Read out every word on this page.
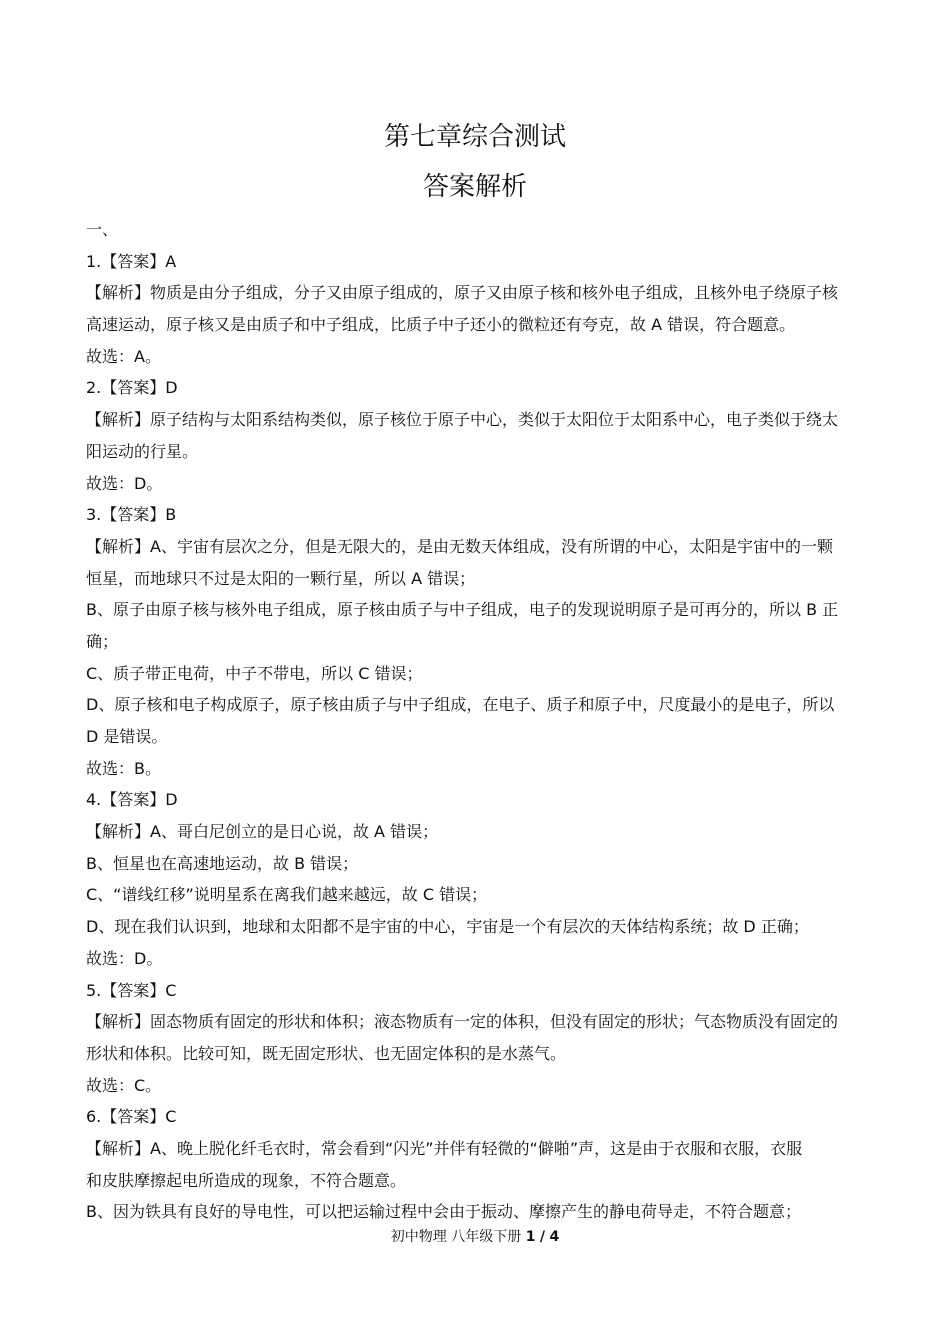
第七章综合测试
答案解析
一、
1.【答案】A
【解析】物质是由分子组成，分子又由原子组成的，原子又由原子核和核外电子组成，且核外电子绕原子核
高速运动，原子核又是由质子和中子组成，比质子中子还小的微粒还有夸克，故 A 错误，符合题意。
故选：A。
2.【答案】D
【解析】原子结构与太阳系结构类似，原子核位于原子中心，类似于太阳位于太阳系中心，电子类似于绕太
阳运动的行星。
故选：D。
3.【答案】B
【解析】A、宇宙有层次之分，但是无限大的，是由无数天体组成，没有所谓的中心，太阳是宇宙中的一颗
恒星，而地球只不过是太阳的一颗行星，所以 A 错误；
B、原子由原子核与核外电子组成，原子核由质子与中子组成，电子的发现说明原子是可再分的，所以 B 正
确；
C、质子带正电荷，中子不带电，所以 C 错误；
D、原子核和电子构成原子，原子核由质子与中子组成，在电子、质子和原子中，尺度最小的是电子，所以
D 是错误。
故选：B。
4.【答案】D
【解析】A、哥白尼创立的是日心说，故 A 错误；
B、恒星也在高速地运动，故 B 错误；
C、“谱线红移”说明星系在离我们越来越远，故 C 错误；
D、现在我们认识到，地球和太阳都不是宇宙的中心，宇宙是一个有层次的天体结构系统；故 D 正确；
故选：D。
5.【答案】C
【解析】固态物质有固定的形状和体积；液态物质有一定的体积，但没有固定的形状；气态物质没有固定的
形状和体积。比较可知，既无固定形状、也无固定体积的是水蒸气。
故选：C。
6.【答案】C
【解析】A、晚上脱化纤毛衣时，常会看到“闪光”并伴有轻微的“僻啪”声，这是由于衣服和衣服，衣服
和皮肤摩擦起电所造成的现象，不符合题意。
B、因为铁具有良好的导电性，可以把运输过程中会由于振动、摩擦产生的静电荷导走，不符合题意；
初中物理 八年级下册 1 / 4
